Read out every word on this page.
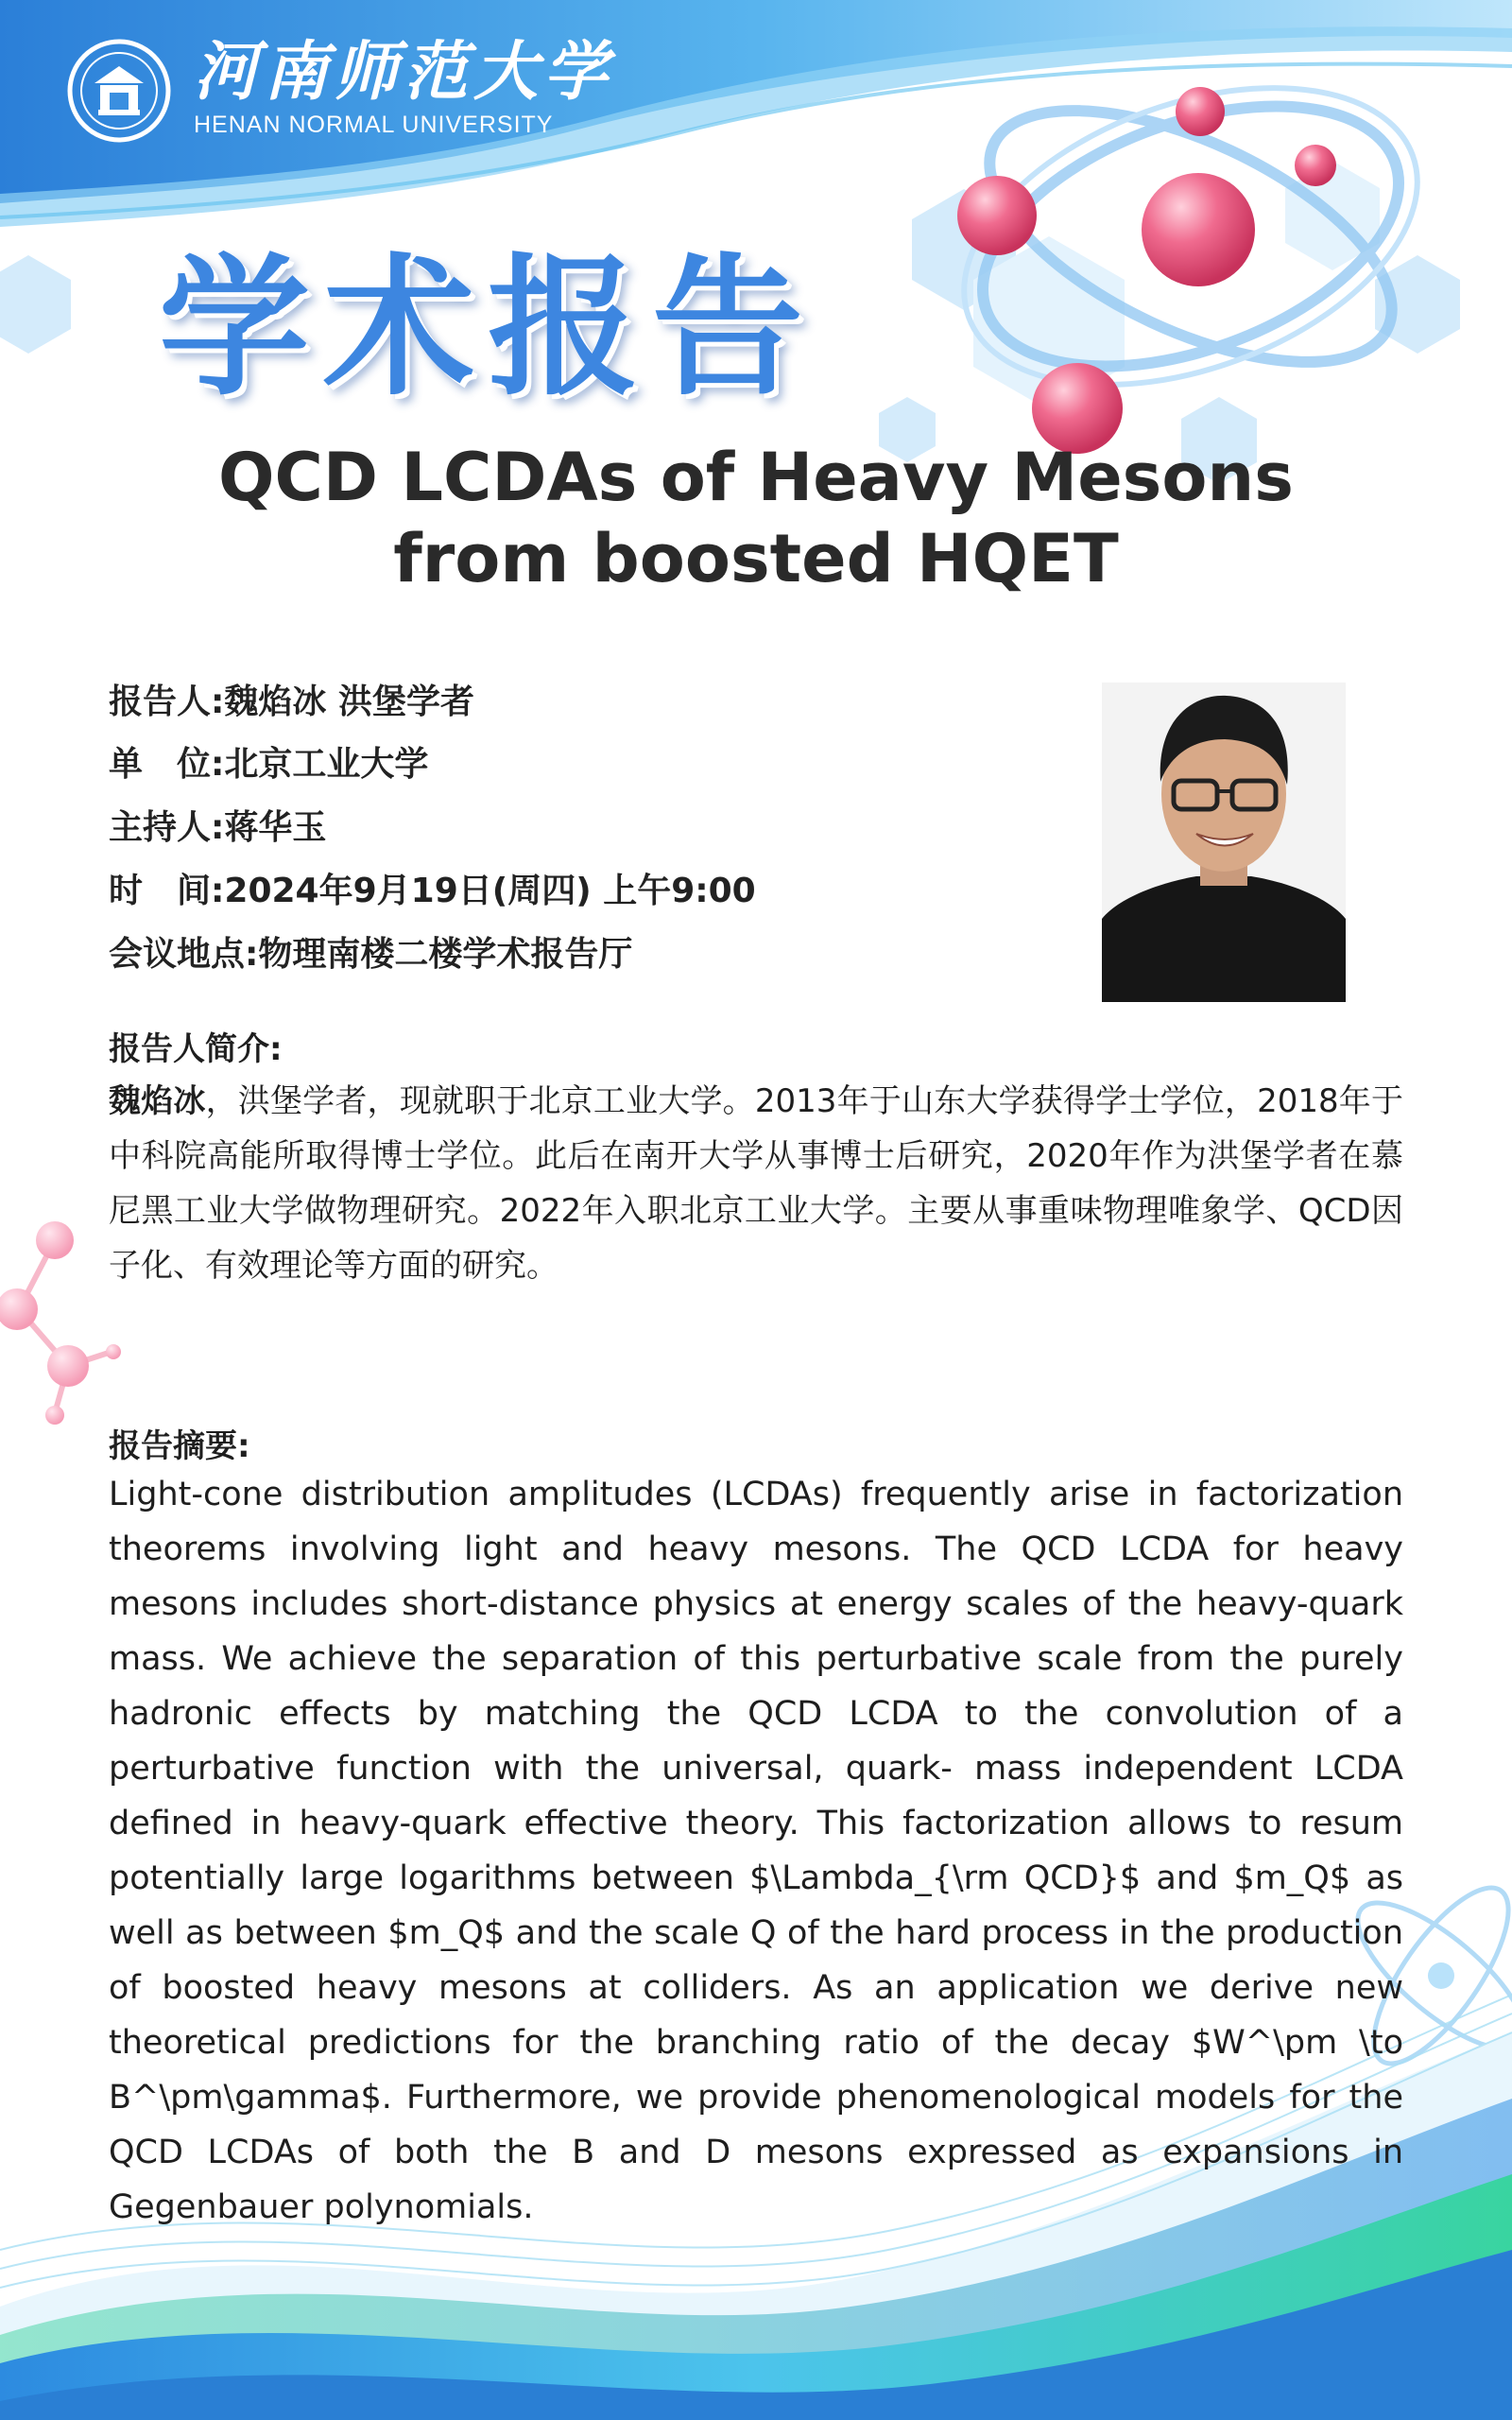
河南师范大学
HENAN NORMAL UNIVERSITY
学术报告
QCD LCDAs of Heavy Mesons
from boosted HQET
报告人:魏焰冰 洪堡学者
单　位:北京工业大学
主持人:蒋华玉
时　间:2024年9月19日(周四) 上午9:00
会议地点:物理南楼二楼学术报告厅
报告人简介:
魏焰冰，洪堡学者，现就职于北京工业大学。2013年于山东大学获得学士学位，2018年于中科院高能所取得博士学位。此后在南开大学从事博士后研究，2020年作为洪堡学者在慕尼黑工业大学做物理研究。2022年入职北京工业大学。主要从事重味物理唯象学、QCD因子化、有效理论等方面的研究。
报告摘要:
Light-cone distribution amplitudes (LCDAs) frequently arise in factorization theorems involving light and heavy mesons. The QCD LCDA for heavy mesons includes short-distance physics at energy scales of the heavy-quark mass. We achieve the separation of this perturbative scale from the purely hadronic effects by matching the QCD LCDA to the convolution of a perturbative function with the universal, quark- mass independent LCDA defined in heavy-quark effective theory. This factorization allows to resum potentially large logarithms between $\Lambda_{\rm QCD}$ and $m_Q$ as well as between $m_Q$ and the scale Q of the hard process in the production of boosted heavy mesons at colliders. As an application we derive new theoretical predictions for the branching ratio of the decay $W^\pm \to B^\pm\gamma$. Furthermore, we provide phenomenological models for the QCD LCDAs of both the B and D mesons expressed as expansions in Gegenbauer polynomials.
